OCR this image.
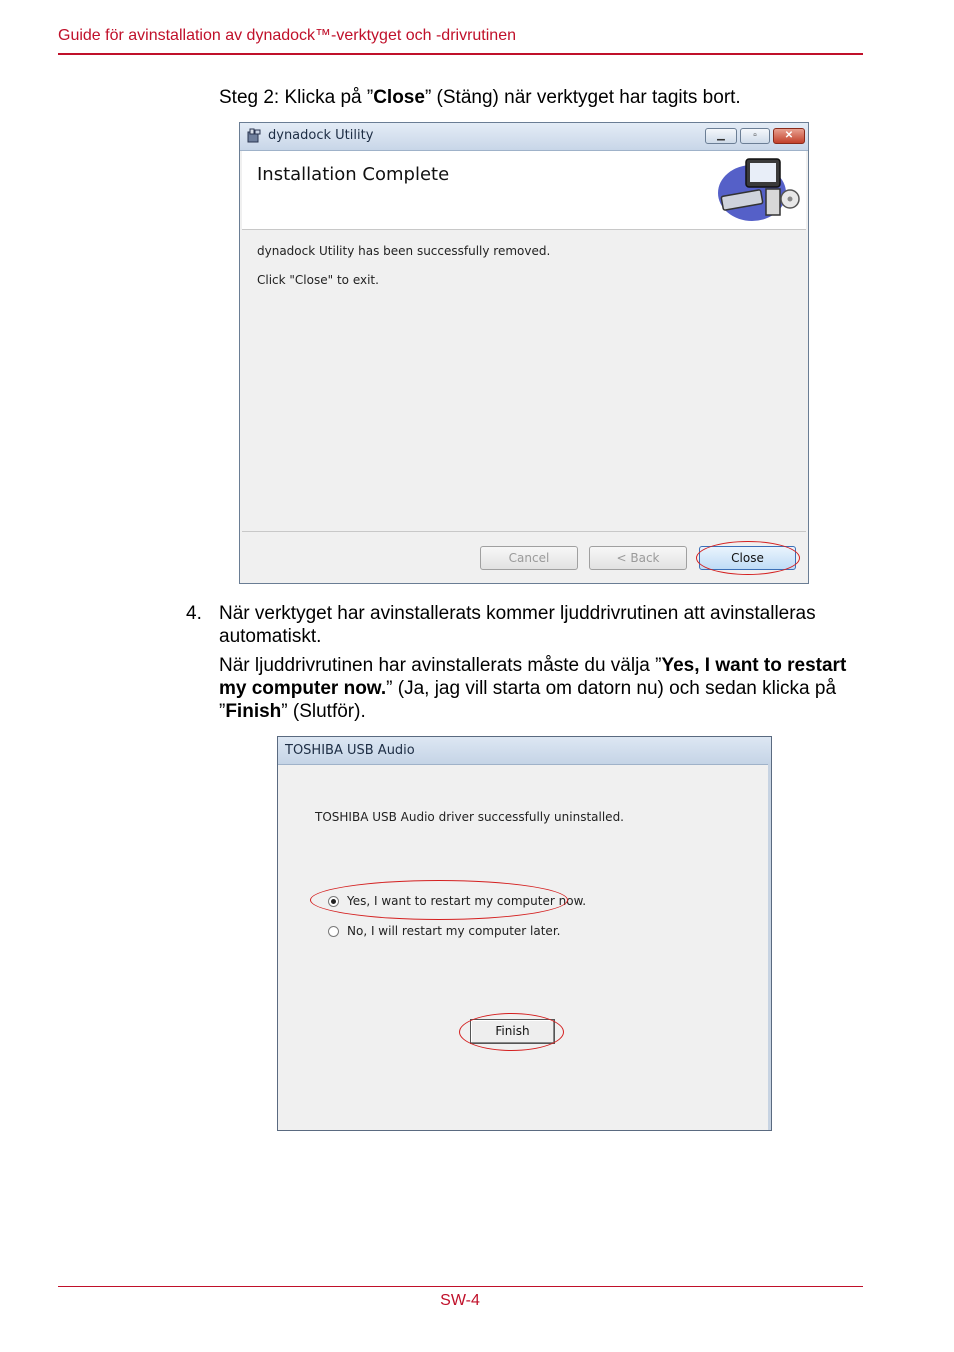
Guide för avinstallation av dynadock™-verktyget och -drivrutinen
Steg 2: Klicka på ”Close” (Stäng) när verktyget har tagits bort.
dynadock Utility	▁	▫	✕
Installation Complete
dynadock Utility has been successfully removed.
Click "Close" to exit.
Cancel	< Back	Close
4. När verktyget har avinstallerats kommer ljuddrivrutinen att avinstalleras automatiskt.
När ljuddrivrutinen har avinstallerats måste du välja ”Yes, I want to restart my computer now.” (Ja, jag vill starta om datorn nu) och sedan klicka på ”Finish” (Slutför).
TOSHIBA USB Audio
TOSHIBA USB Audio driver successfully uninstalled.
Yes, I want to restart my computer now.
No, I will restart my computer later.
Finish
SW-4
